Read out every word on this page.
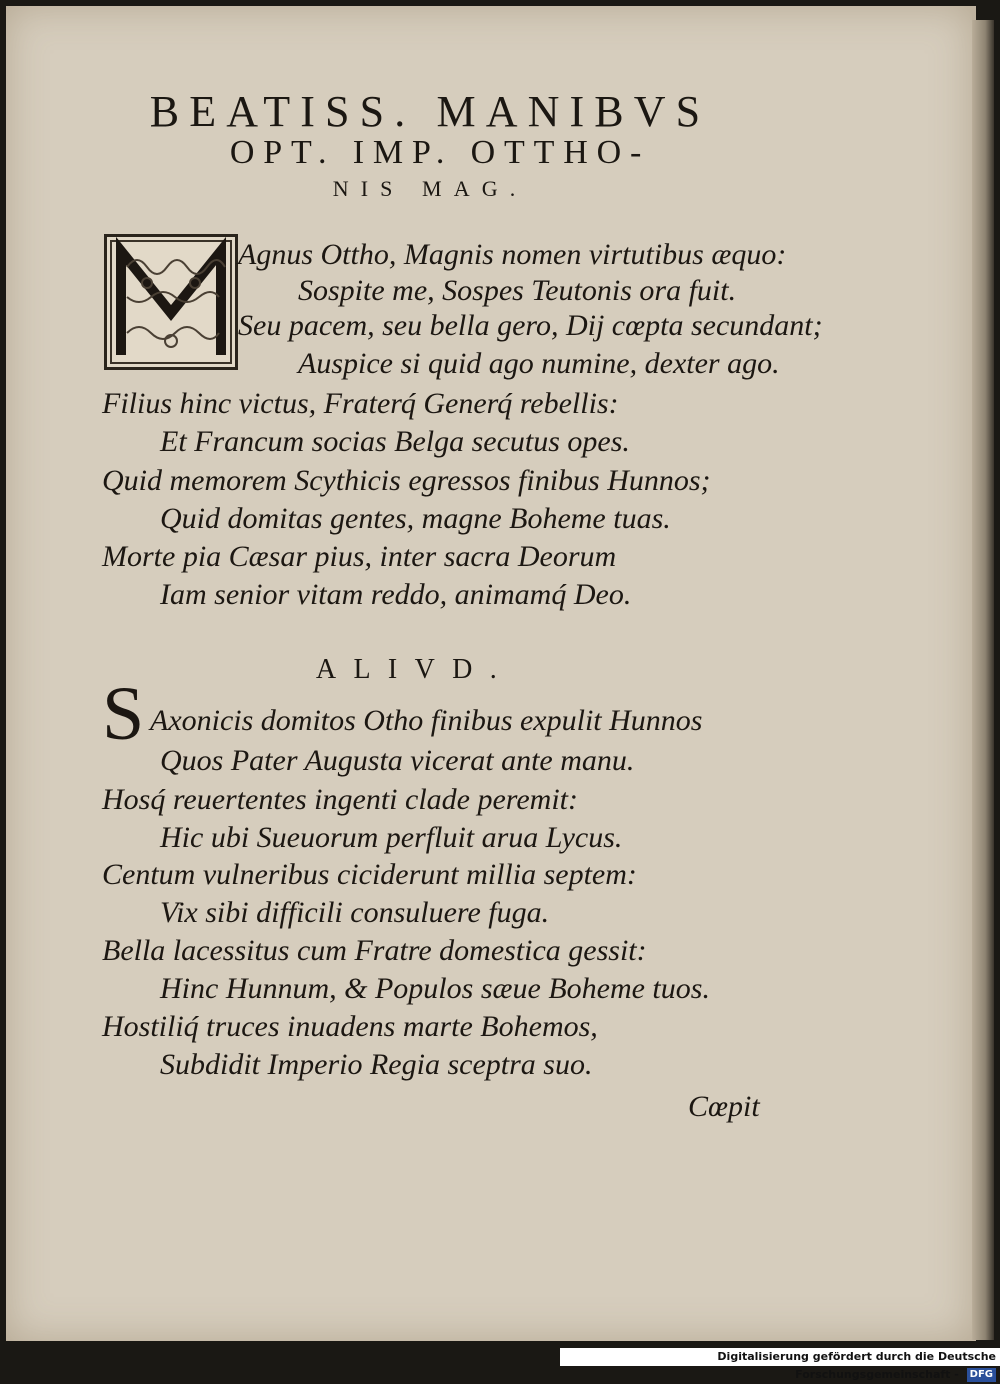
BEATISS. MANIBVS
OPT. IMP. OTTHO-
NIS MAG.
Agnus Ottho, Magnis nomen virtutibus æquo:
Sospite me, Sospes Teutonis ora fuit.
Seu pacem, seu bella gero, Dij cœpta secundant;
Auspice si quid ago numine, dexter ago.
Filius hinc victus, Fraterq́ Generq́ rebellis:
Et Francum socias Belga secutus opes.
Quid memorem Scythicis egressos finibus Hunnos;
Quid domitas gentes, magne Boheme tuas.
Morte pia Cæsar pius, inter sacra Deorum
Iam senior vitam reddo, animamq́ Deo.
ALIVD.
S Axonicis domitos Otho finibus expulit Hunnos
Quos Pater Augusta vicerat ante manu.
Hosq́ reuertentes ingenti clade peremit:
Hic ubi Sueuorum perfluit arua Lycus.
Centum vulneribus ciciderunt millia septem:
Vix sibi difficili consuluere fuga.
Bella lacessitus cum Fratre domestica gessit:
Hinc Hunnum, & Populos sæue Boheme tuos.
Hostiliq́ truces inuadens marte Bohemos,
Subdidit Imperio Regia sceptra suo.
Cœpit
Digitalisierung gefördert durch die Deutsche Forschungsgemeinschaft - DFG
